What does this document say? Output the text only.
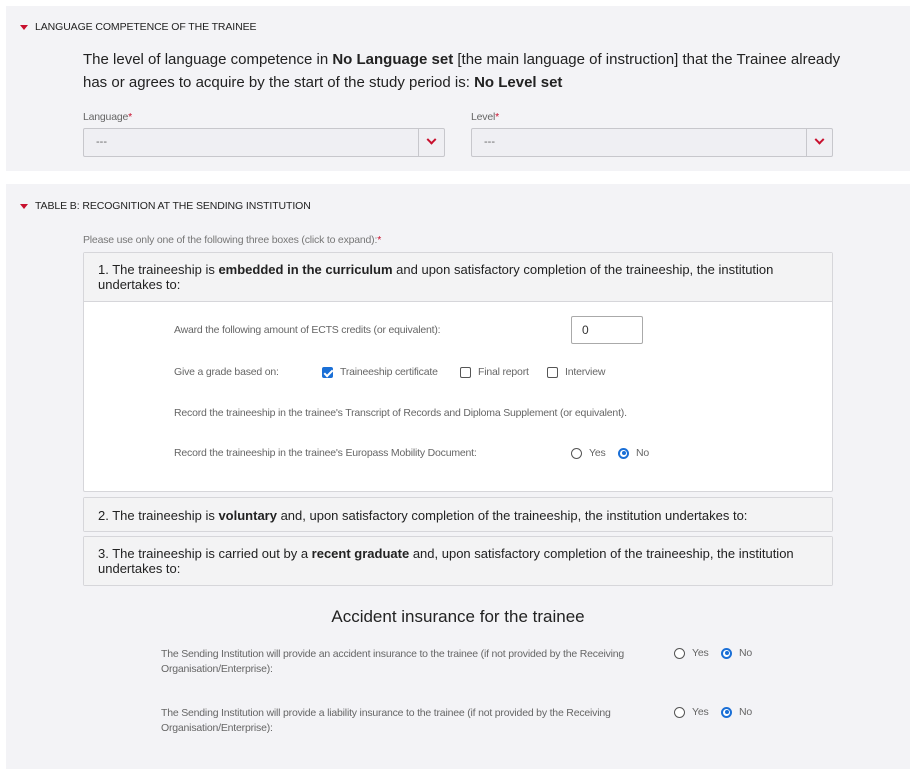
LANGUAGE COMPETENCE OF THE TRAINEE
The level of language competence in No Language set [the main language of instruction] that the Trainee already has or agrees to acquire by the start of the study period is: No Level set
Language*	Level*
---	---
TABLE B: RECOGNITION AT THE SENDING INSTITUTION
Please use only one of the following three boxes (click to expand):*
1. The traineeship is embedded in the curriculum and upon satisfactory completion of the traineeship, the institution undertakes to:
Award the following amount of ECTS credits (or equivalent):	0
Give a grade based on:	Traineeship certificate	Final report	Interview
Record the traineeship in the trainee's Transcript of Records and Diploma Supplement (or equivalent).
Record the traineeship in the trainee's Europass Mobility Document:	Yes	No
2. The traineeship is voluntary and, upon satisfactory completion of the traineeship, the institution undertakes to:
3. The traineeship is carried out by a recent graduate and, upon satisfactory completion of the traineeship, the institution undertakes to:
Accident insurance for the trainee
The Sending Institution will provide an accident insurance to the trainee (if not provided by the Receiving Organisation/Enterprise):
Yes	No
The Sending Institution will provide a liability insurance to the trainee (if not provided by the Receiving Organisation/Enterprise):
Yes	No
